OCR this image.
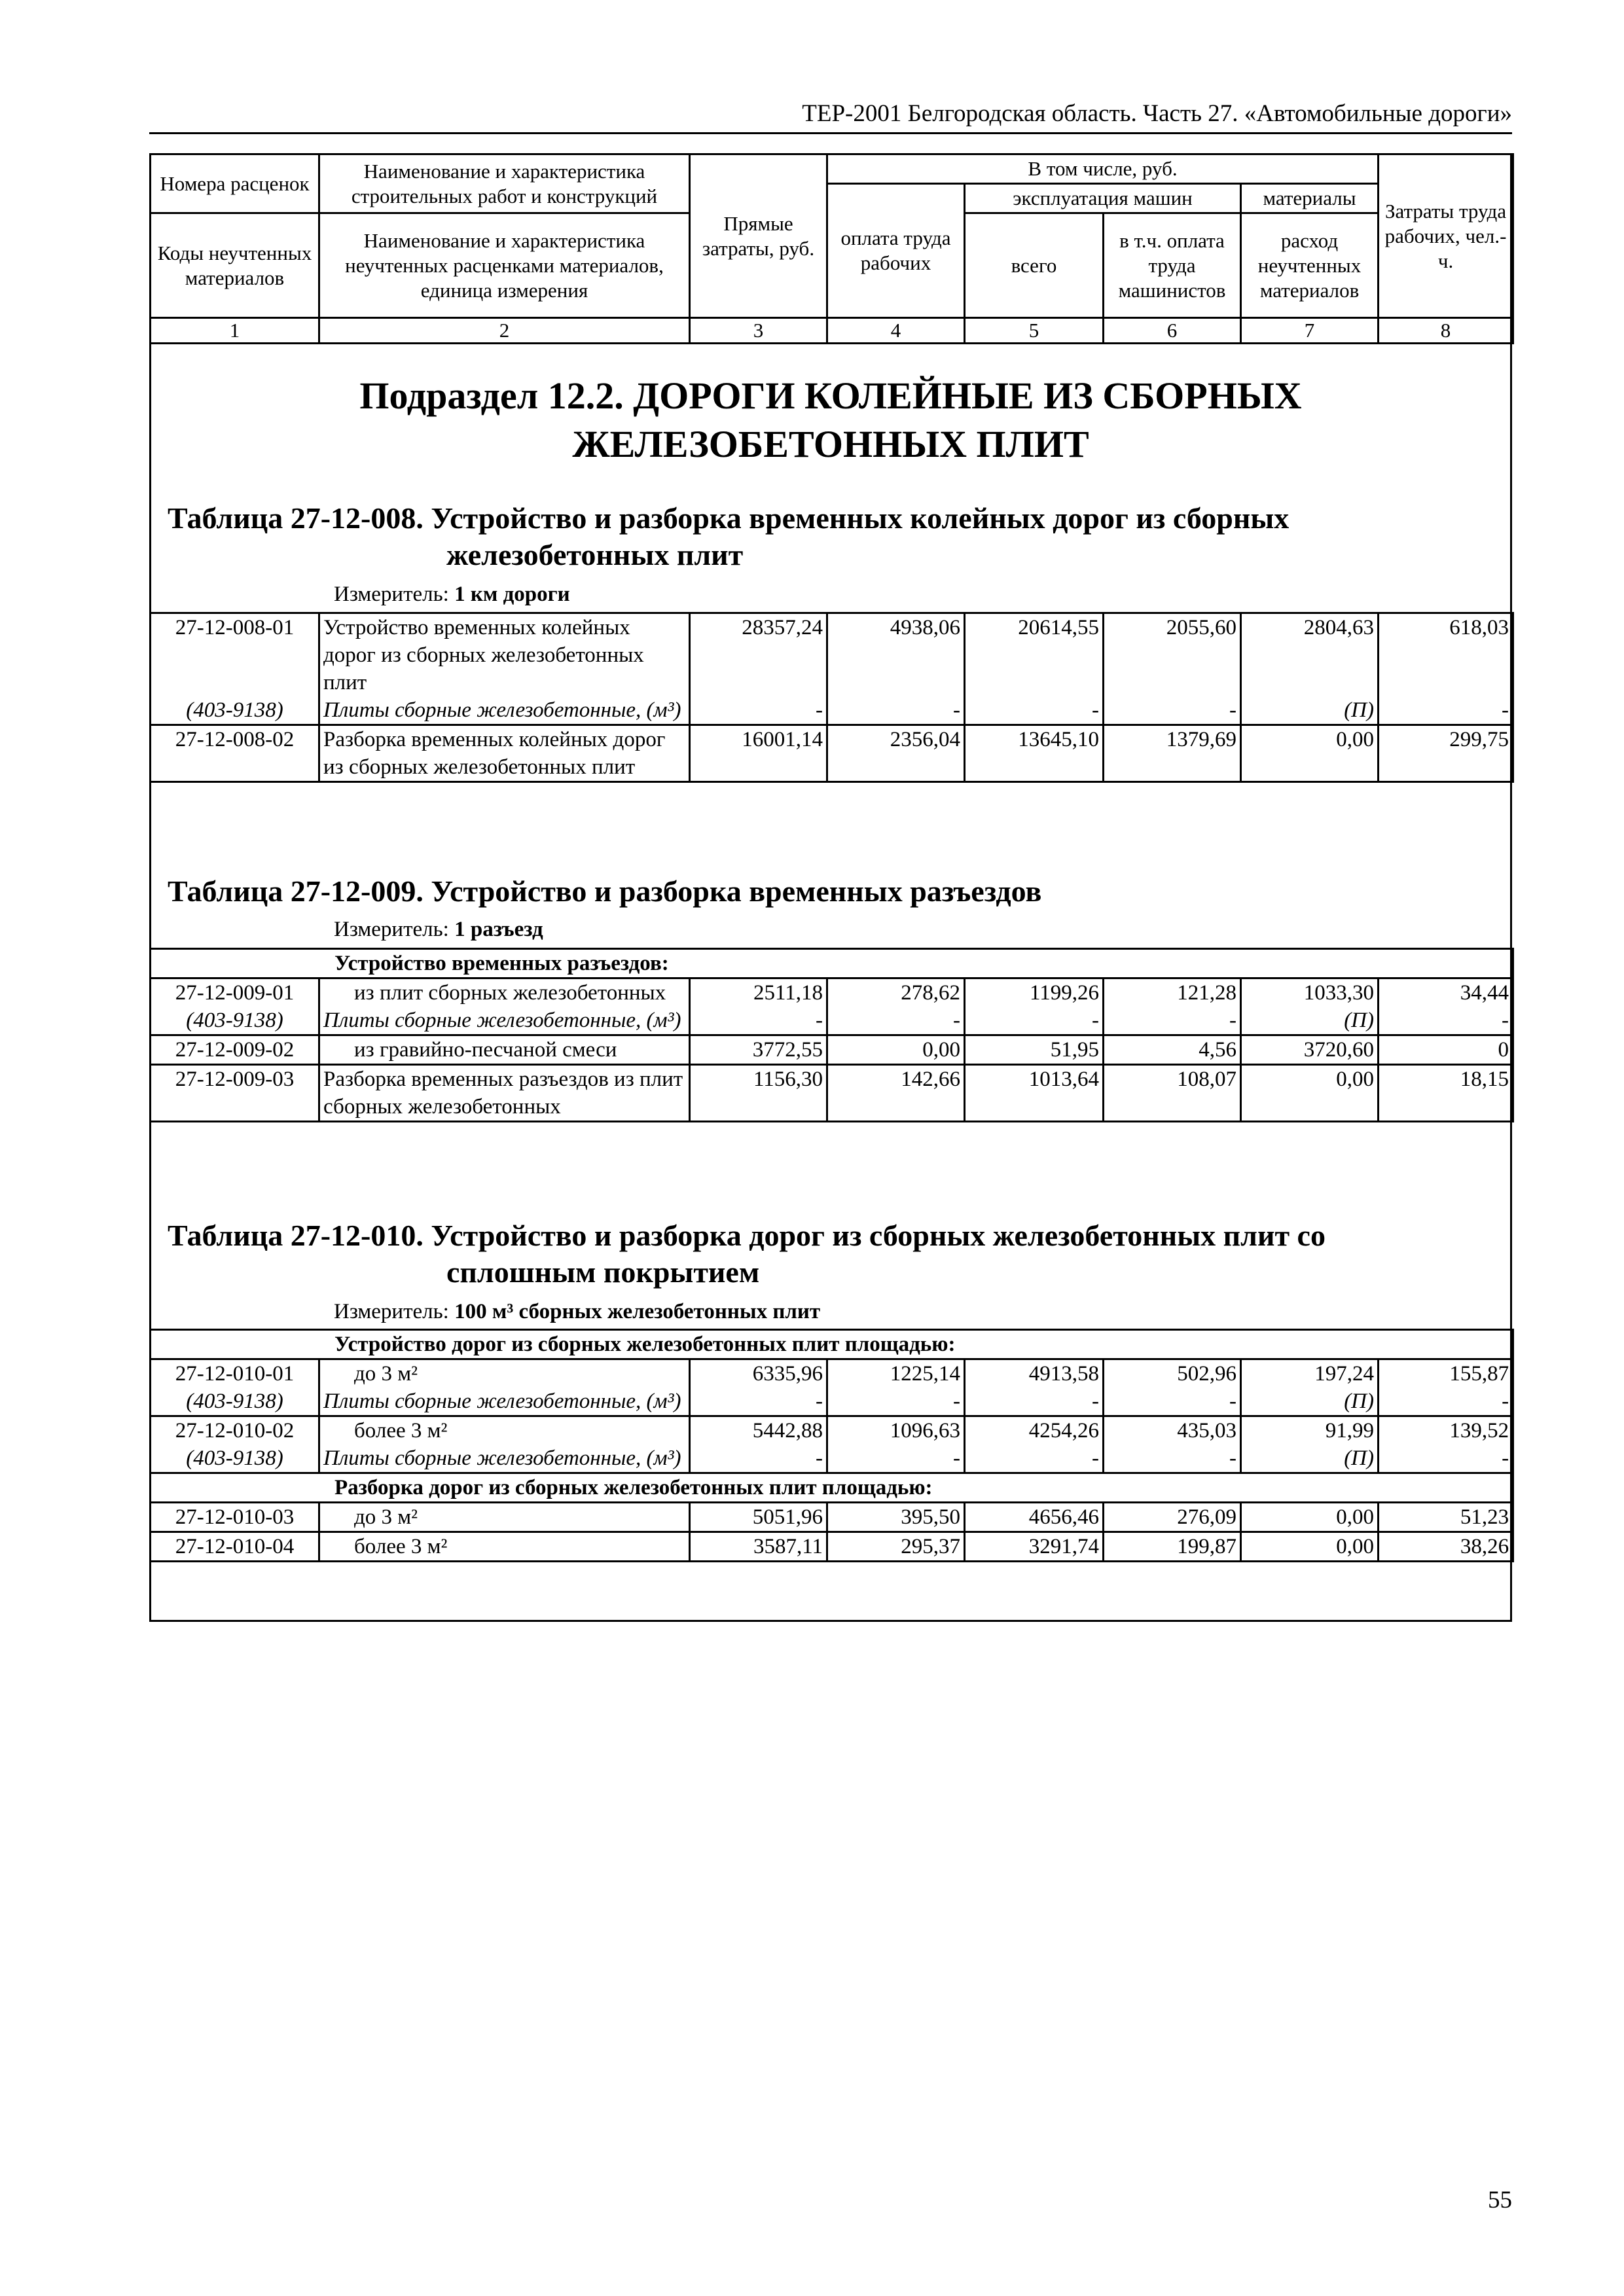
ТЕР-2001 Белгородская область. Часть 27. «Автомобильные дороги»
Номера расценок	Наименование и характеристика строительных работ и конструкций	Прямые затраты, руб.	В том числе, руб.				Затраты труда рабочих, чел.-ч.
			оплата труда рабочих	эксплуатация машин		материалы	
Коды неучтенных материалов	Наименование и характеристика неучтенных расценками материалов, единица измерения			всего	в т.ч. оплата труда машинистов	расход неучтенных материалов	

1	2	3	4	5	6	7	8
Подраздел 12.2. ДОРОГИ КОЛЕЙНЫЕ ИЗ СБОРНЫХ
ЖЕЛЕЗОБЕТОННЫХ ПЛИТ
Таблица 27-12-008. Устройство и разборка временных колейных дорог из сборных
железобетонных плит
Измеритель: 1 км дороги
27-12-008-01	Устройство временных колейных дорог из сборных железобетонных плит	28357,24	4938,06	20614,55	2055,60	2804,63	618,03
(403-9138)	Плиты сборные железобетонные, (м³)	-	-	-	-	(П)	-
27-12-008-02	Разборка временных колейных дорог из сборных железобетонных плит	16001,14	2356,04	13645,10	1379,69	0,00	299,75
Таблица 27-12-009. Устройство и разборка временных разъездов
Измеритель: 1 разъезд
Устройство временных разъездов:							
27-12-009-01	из плит сборных железобетонных	2511,18	278,62	1199,26	121,28	1033,30	34,44
(403-9138)	Плиты сборные железобетонные, (м³)	-	-	-	-	(П)	-
27-12-009-02	из гравийно-песчаной смеси	3772,55	0,00	51,95	4,56	3720,60	0
27-12-009-03	Разборка временных разъездов из плит сборных железобетонных	1156,30	142,66	1013,64	108,07	0,00	18,15
Таблица 27-12-010. Устройство и разборка дорог из сборных железобетонных плит со
сплошным покрытием
Измеритель: 100 м³ сборных железобетонных плит
Устройство дорог из сборных железобетонных плит площадью:							
27-12-010-01	до 3 м²	6335,96	1225,14	4913,58	502,96	197,24	155,87
(403-9138)	Плиты сборные железобетонные, (м³)	-	-	-	-	(П)	-
27-12-010-02	более 3 м²	5442,88	1096,63	4254,26	435,03	91,99	139,52
(403-9138)	Плиты сборные железобетонные, (м³)	-	-	-	-	(П)	-
Разборка дорог из сборных железобетонных плит площадью:							
27-12-010-03	до 3 м²	5051,96	395,50	4656,46	276,09	0,00	51,23
27-12-010-04	более 3 м²	3587,11	295,37	3291,74	199,87	0,00	38,26
55
